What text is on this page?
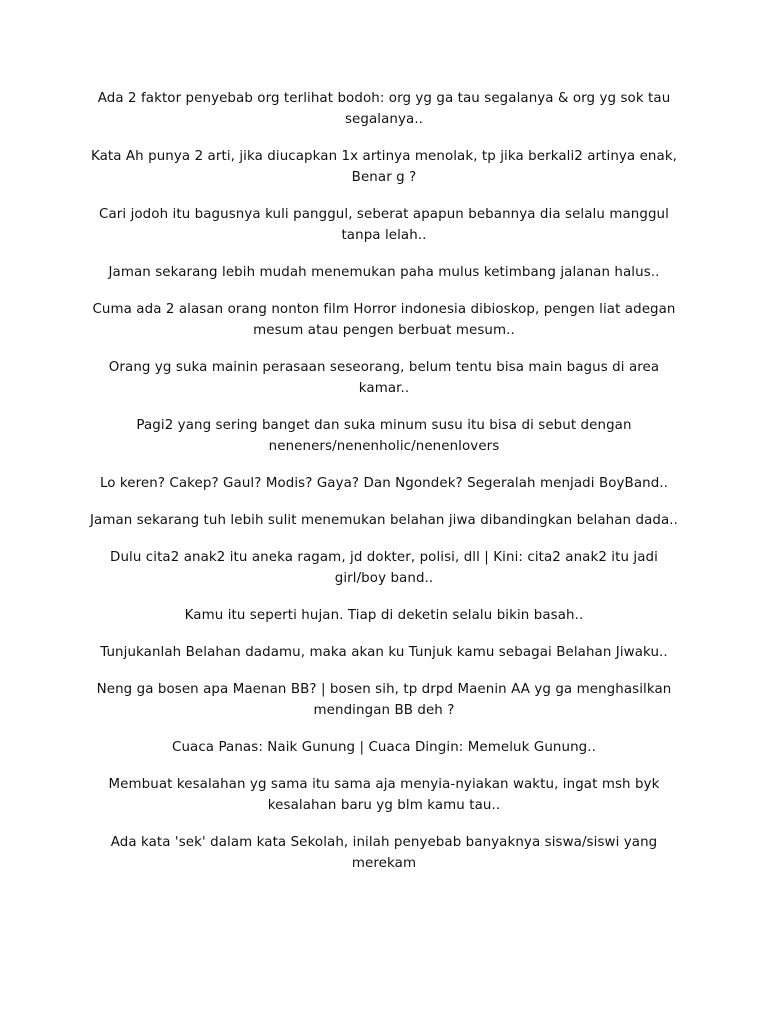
Ada 2 faktor penyebab org terlihat bodoh: org yg ga tau segalanya & org yg sok tau segalanya..

Kata Ah punya 2 arti, jika diucapkan 1x artinya menolak, tp jika berkali2 artinya enak, Benar g ?

Cari jodoh itu bagusnya kuli panggul, seberat apapun bebannya dia selalu manggul tanpa lelah..

Jaman sekarang lebih mudah menemukan paha mulus ketimbang jalanan halus..

Cuma ada 2 alasan orang nonton film Horror indonesia dibioskop, pengen liat adegan mesum atau pengen berbuat mesum..

Orang yg suka mainin perasaan seseorang, belum tentu bisa main bagus di area kamar..

Pagi2 yang sering banget dan suka minum susu itu bisa di sebut dengan neneners/nenenholic/nenenlovers

Lo keren? Cakep? Gaul? Modis? Gaya? Dan Ngondek? Segeralah menjadi BoyBand..

Jaman sekarang tuh lebih sulit menemukan belahan jiwa dibandingkan belahan dada..

Dulu cita2 anak2 itu aneka ragam, jd dokter, polisi, dll | Kini: cita2 anak2 itu jadi girl/boy band..

Kamu itu seperti hujan. Tiap di deketin selalu bikin basah..

Tunjukanlah Belahan dadamu, maka akan ku Tunjuk kamu sebagai Belahan Jiwaku..

Neng ga bosen apa Maenan BB? | bosen sih, tp drpd Maenin AA yg ga menghasilkan mendingan BB deh ?

Cuaca Panas: Naik Gunung | Cuaca Dingin: Memeluk Gunung..

Membuat kesalahan yg sama itu sama aja menyia-nyiakan waktu, ingat msh byk kesalahan baru yg blm kamu tau..

Ada kata 'sek' dalam kata Sekolah, inilah penyebab banyaknya siswa/siswi yang merekam
